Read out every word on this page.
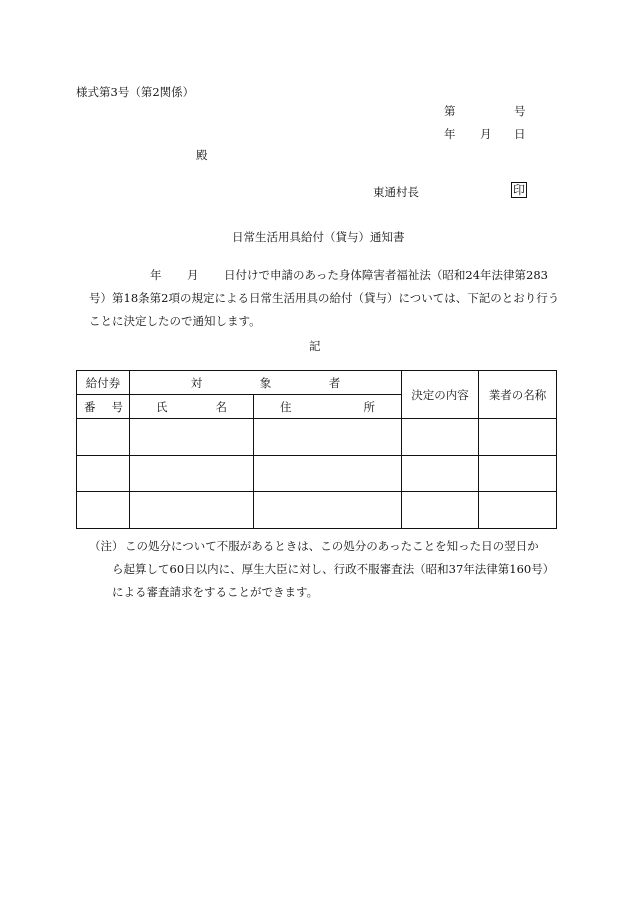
様式第3号（第2関係）
第	号
年 月 日
殿
東通村長	印
日常生活用具給付（貸与）通知書
年 月 日付けで申請のあった身体障害者福祉法（昭和24年法律第283
号）第18条第2項の規定による日常生活用具の給付（貸与）については、下記のとおり行う
ことに決定したので通知します。
記
給付券	対　　　　　象　　　　　者		決定の内容	業者の名称

番 号	氏 名	住 所		

（注） この処分について不服があるときは、この処分のあったことを知った日の翌日か
ら起算して60日以内に、厚生大臣に対し、行政不服審査法（昭和37年法律第160号）
による審査請求をすることができます。
